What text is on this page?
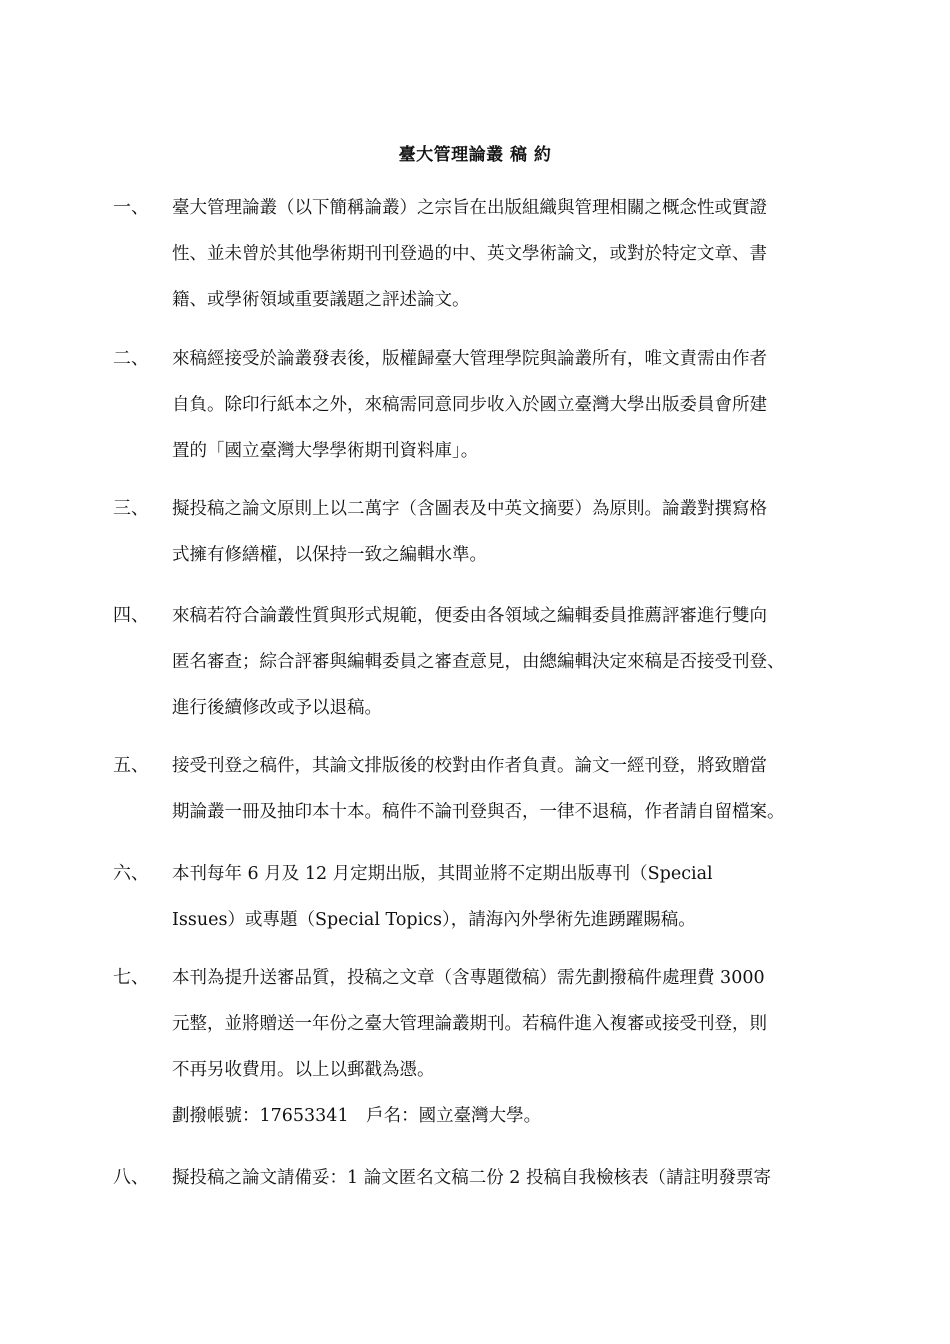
臺大管理論叢 稿 約
一、 臺大管理論叢（以下簡稱論叢）之宗旨在出版組織與管理相關之概念性或實證
性、並未曾於其他學術期刊刊登過的中、英文學術論文，或對於特定文章、書
籍、或學術領域重要議題之評述論文。
二、 來稿經接受於論叢發表後，版權歸臺大管理學院與論叢所有，唯文責需由作者
自負。除印行紙本之外，來稿需同意同步收入於國立臺灣大學出版委員會所建
置的「國立臺灣大學學術期刊資料庫」。
三、 擬投稿之論文原則上以二萬字（含圖表及中英文摘要）為原則。論叢對撰寫格
式擁有修繕權，以保持一致之編輯水準。
四、 來稿若符合論叢性質與形式規範，便委由各領域之編輯委員推薦評審進行雙向
匿名審查；綜合評審與編輯委員之審查意見，由總編輯決定來稿是否接受刊登、
進行後續修改或予以退稿。
五、 接受刊登之稿件，其論文排版後的校對由作者負責。論文一經刊登，將致贈當
期論叢一冊及抽印本十本。稿件不論刊登與否，一律不退稿，作者請自留檔案。
六、 本刊每年 6 月及 12 月定期出版，其間並將不定期出版專刊（Special
Issues）或專題（Special Topics），請海內外學術先進踴躍賜稿。
七、 本刊為提升送審品質，投稿之文章（含專題徵稿）需先劃撥稿件處理費 3000
元整，並將贈送一年份之臺大管理論叢期刊。若稿件進入複審或接受刊登，則
不再另收費用。以上以郵戳為憑。
劃撥帳號：17653341　戶名：國立臺灣大學。
八、 擬投稿之論文請備妥：1 論文匿名文稿二份 2 投稿自我檢核表（請註明發票寄
